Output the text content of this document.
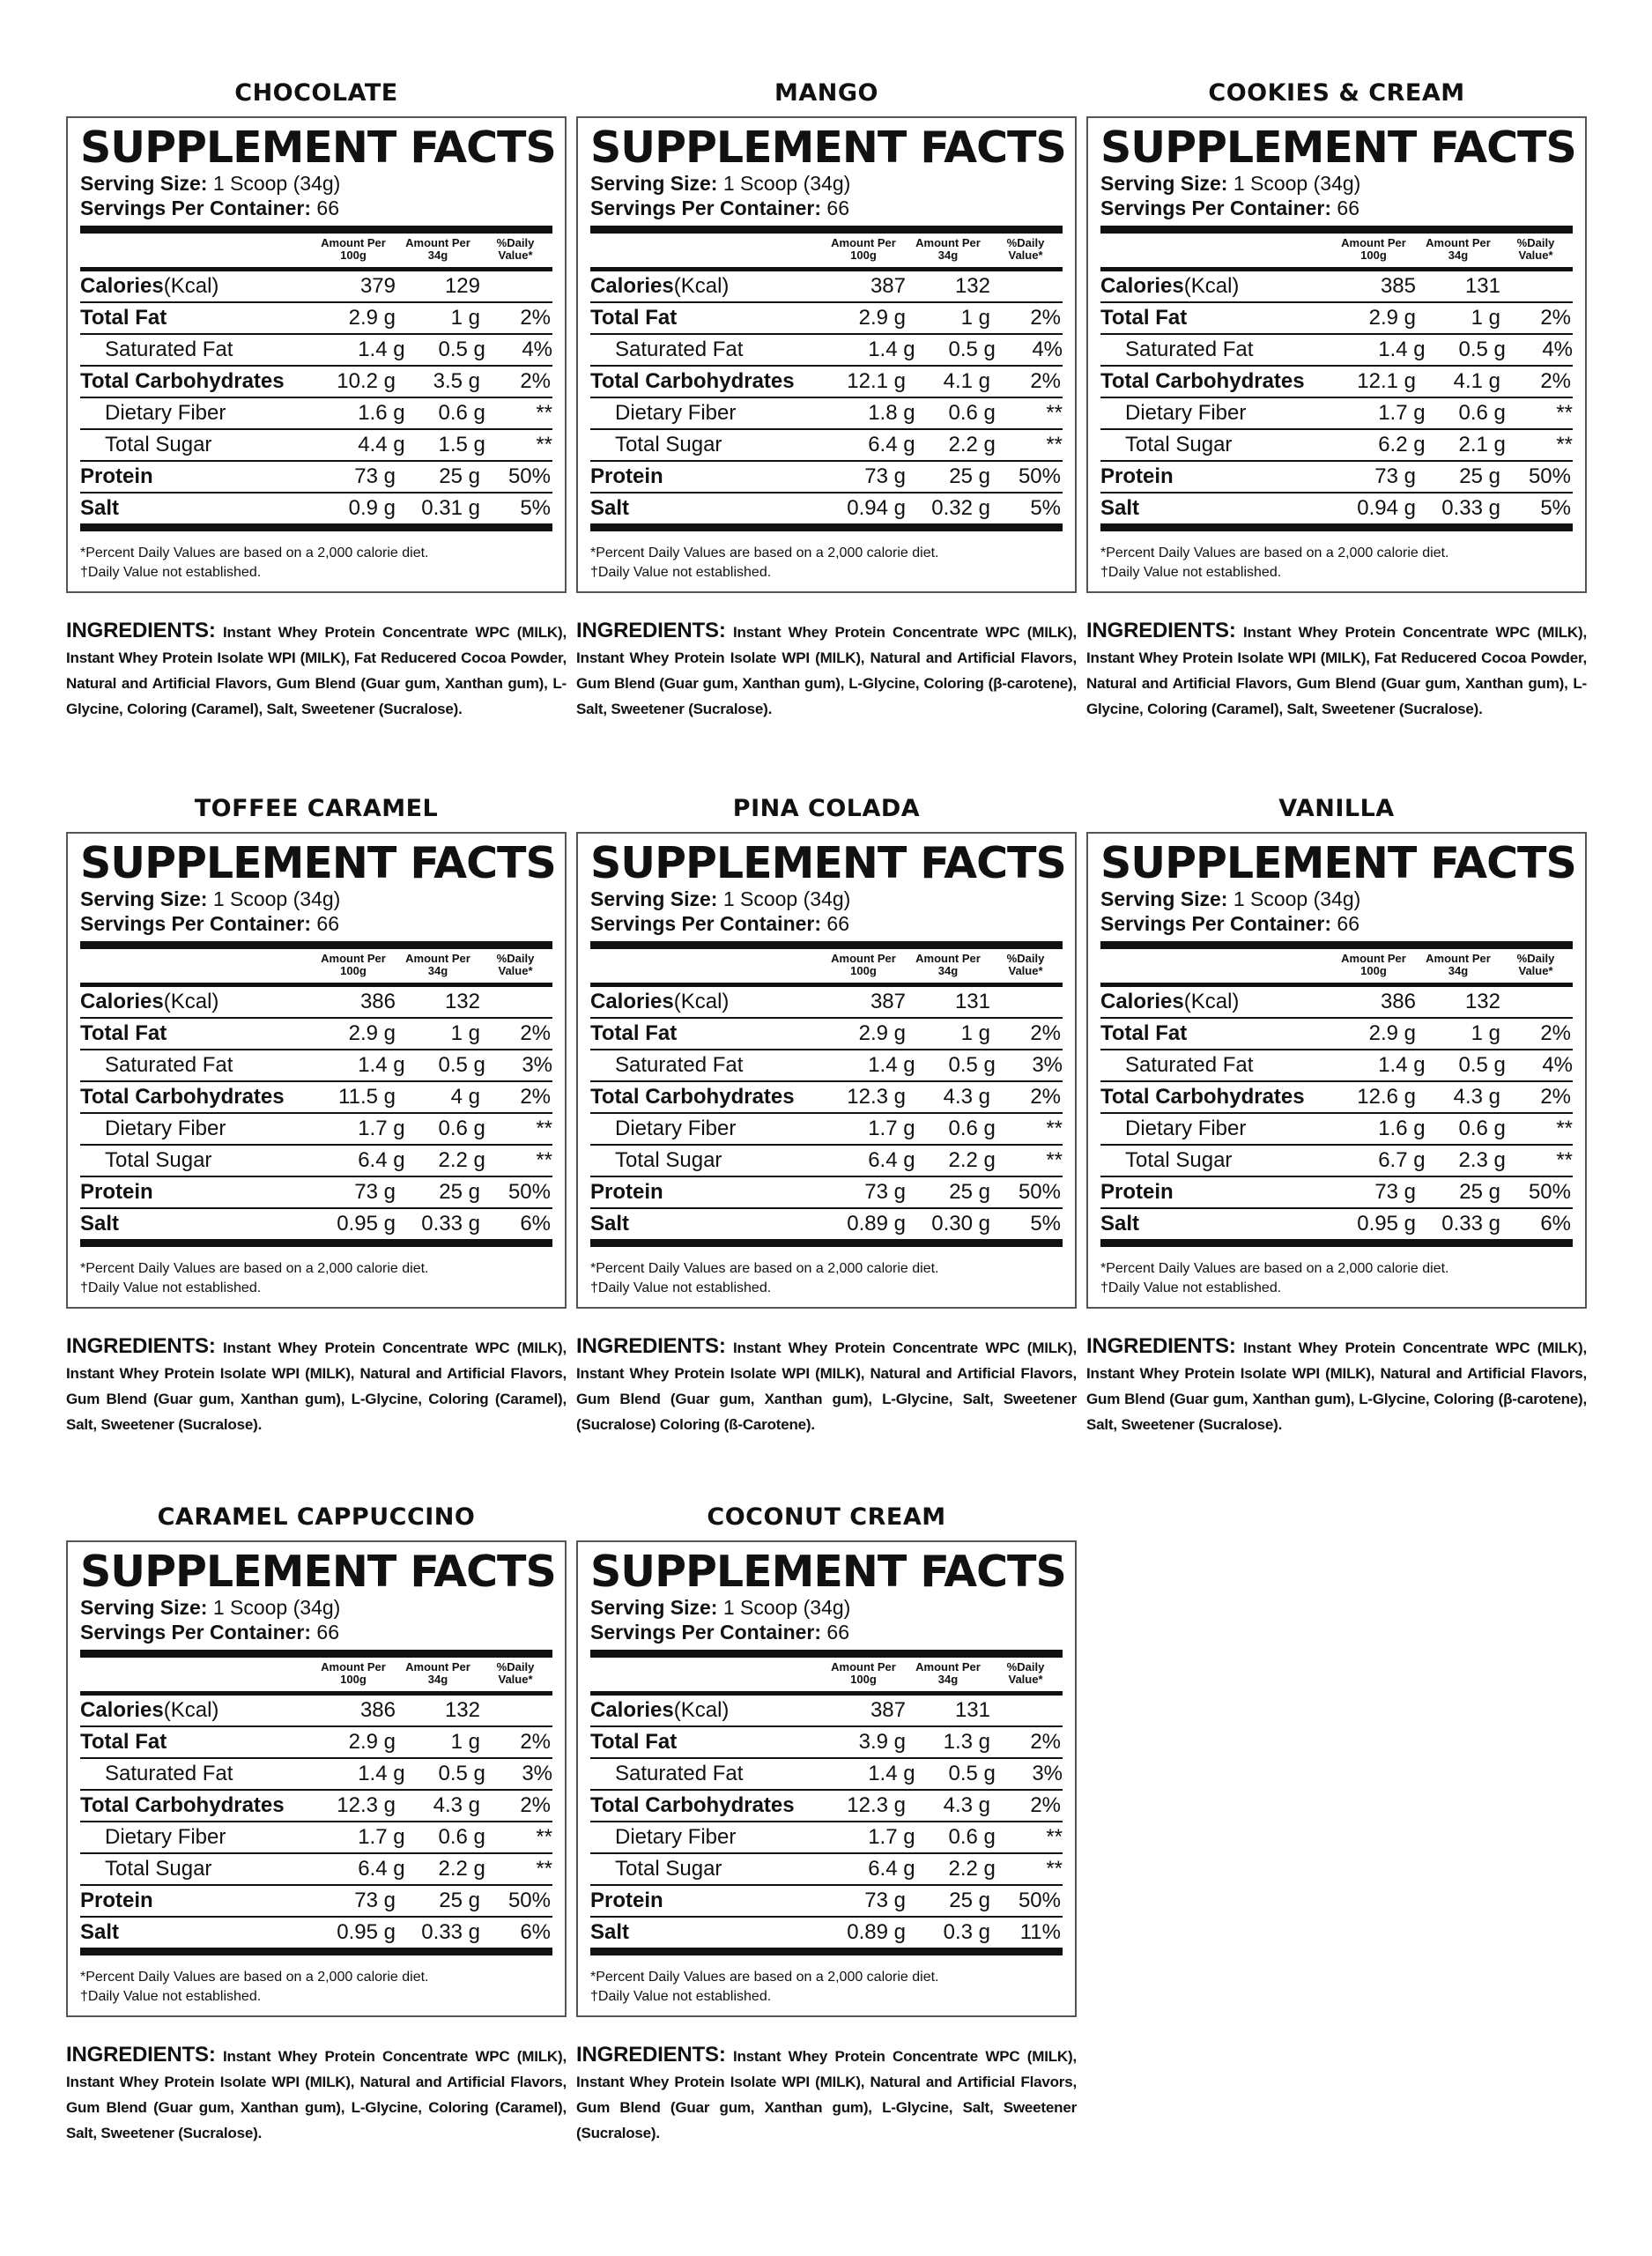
CHOCOLATE
SUPPLEMENT FACTS
Serving Size: 1 Scoop (34g)
Servings Per Container: 66
Amount Per 100g
Amount Per 34g
%Daily Value*
Calories(Kcal)	379	129
Total Fat	2.9 g	1 g	2%
Saturated Fat	1.4 g	0.5 g	4%
Total Carbohydrates	10.2 g	3.5 g	2%
Dietary Fiber	1.6 g	0.6 g	**
Total Sugar	4.4 g	1.5 g	**
Protein	73 g	25 g	50%
Salt	0.9 g	0.31 g	5%
*Percent Daily Values are based on a 2,000 calorie diet.
†Daily Value not established.
INGREDIENTS: Instant Whey Protein Concentrate WPC (MILK), Instant Whey Protein Isolate WPI (MILK), Fat Reducered Cocoa Powder, Natural and Artificial Flavors, Gum Blend (Guar gum, Xanthan gum), L-Glycine, Coloring (Caramel), Salt, Sweetener (Sucralose).
MANGO
SUPPLEMENT FACTS
Serving Size: 1 Scoop (34g)
Servings Per Container: 66
Amount Per 100g
Amount Per 34g
%Daily Value*
Calories(Kcal)	387	132
Total Fat	2.9 g	1 g	2%
Saturated Fat	1.4 g	0.5 g	4%
Total Carbohydrates	12.1 g	4.1 g	2%
Dietary Fiber	1.8 g	0.6 g	**
Total Sugar	6.4 g	2.2 g	**
Protein	73 g	25 g	50%
Salt	0.94 g	0.32 g	5%
*Percent Daily Values are based on a 2,000 calorie diet.
†Daily Value not established.
INGREDIENTS: Instant Whey Protein Concentrate WPC (MILK), Instant Whey Protein Isolate WPI (MILK), Natural and Artificial Flavors, Gum Blend (Guar gum, Xanthan gum), L-Glycine, Coloring (β-carotene), Salt, Sweetener (Sucralose).
COOKIES & CREAM
SUPPLEMENT FACTS
Serving Size: 1 Scoop (34g)
Servings Per Container: 66
Amount Per 100g
Amount Per 34g
%Daily Value*
Calories(Kcal)	385	131
Total Fat	2.9 g	1 g	2%
Saturated Fat	1.4 g	0.5 g	4%
Total Carbohydrates	12.1 g	4.1 g	2%
Dietary Fiber	1.7 g	0.6 g	**
Total Sugar	6.2 g	2.1 g	**
Protein	73 g	25 g	50%
Salt	0.94 g	0.33 g	5%
*Percent Daily Values are based on a 2,000 calorie diet.
†Daily Value not established.
INGREDIENTS: Instant Whey Protein Concentrate WPC (MILK), Instant Whey Protein Isolate WPI (MILK), Fat Reducered Cocoa Powder, Natural and Artificial Flavors, Gum Blend (Guar gum, Xanthan gum), L-Glycine, Coloring (Caramel), Salt, Sweetener (Sucralose).
TOFFEE CARAMEL
SUPPLEMENT FACTS
Serving Size: 1 Scoop (34g)
Servings Per Container: 66
Amount Per 100g
Amount Per 34g
%Daily Value*
Calories(Kcal)	386	132
Total Fat	2.9 g	1 g	2%
Saturated Fat	1.4 g	0.5 g	3%
Total Carbohydrates	11.5 g	4 g	2%
Dietary Fiber	1.7 g	0.6 g	**
Total Sugar	6.4 g	2.2 g	**
Protein	73 g	25 g	50%
Salt	0.95 g	0.33 g	6%
*Percent Daily Values are based on a 2,000 calorie diet.
†Daily Value not established.
INGREDIENTS: Instant Whey Protein Concentrate WPC (MILK), Instant Whey Protein Isolate WPI (MILK), Natural and Artificial Flavors, Gum Blend (Guar gum, Xanthan gum), L-Glycine, Coloring (Caramel), Salt, Sweetener (Sucralose).
PINA COLADA
SUPPLEMENT FACTS
Serving Size: 1 Scoop (34g)
Servings Per Container: 66
Amount Per 100g
Amount Per 34g
%Daily Value*
Calories(Kcal)	387	131
Total Fat	2.9 g	1 g	2%
Saturated Fat	1.4 g	0.5 g	3%
Total Carbohydrates	12.3 g	4.3 g	2%
Dietary Fiber	1.7 g	0.6 g	**
Total Sugar	6.4 g	2.2 g	**
Protein	73 g	25 g	50%
Salt	0.89 g	0.30 g	5%
*Percent Daily Values are based on a 2,000 calorie diet.
†Daily Value not established.
INGREDIENTS: Instant Whey Protein Concentrate WPC (MILK), Instant Whey Protein Isolate WPI (MILK), Natural and Artificial Flavors, Gum Blend (Guar gum, Xanthan gum), L-Glycine, Salt, Sweetener (Sucralose) Coloring (ß-Carotene).
VANILLA
SUPPLEMENT FACTS
Serving Size: 1 Scoop (34g)
Servings Per Container: 66
Amount Per 100g
Amount Per 34g
%Daily Value*
Calories(Kcal)	386	132
Total Fat	2.9 g	1 g	2%
Saturated Fat	1.4 g	0.5 g	4%
Total Carbohydrates	12.6 g	4.3 g	2%
Dietary Fiber	1.6 g	0.6 g	**
Total Sugar	6.7 g	2.3 g	**
Protein	73 g	25 g	50%
Salt	0.95 g	0.33 g	6%
*Percent Daily Values are based on a 2,000 calorie diet.
†Daily Value not established.
INGREDIENTS: Instant Whey Protein Concentrate WPC (MILK), Instant Whey Protein Isolate WPI (MILK), Natural and Artificial Flavors, Gum Blend (Guar gum, Xanthan gum), L-Glycine, Coloring (β-carotene), Salt, Sweetener (Sucralose).
CARAMEL CAPPUCCINO
SUPPLEMENT FACTS
Serving Size: 1 Scoop (34g)
Servings Per Container: 66
Amount Per 100g
Amount Per 34g
%Daily Value*
Calories(Kcal)	386	132
Total Fat	2.9 g	1 g	2%
Saturated Fat	1.4 g	0.5 g	3%
Total Carbohydrates	12.3 g	4.3 g	2%
Dietary Fiber	1.7 g	0.6 g	**
Total Sugar	6.4 g	2.2 g	**
Protein	73 g	25 g	50%
Salt	0.95 g	0.33 g	6%
*Percent Daily Values are based on a 2,000 calorie diet.
†Daily Value not established.
INGREDIENTS: Instant Whey Protein Concentrate WPC (MILK), Instant Whey Protein Isolate WPI (MILK), Natural and Artificial Flavors, Gum Blend (Guar gum, Xanthan gum), L-Glycine, Coloring (Caramel), Salt, Sweetener (Sucralose).
COCONUT CREAM
SUPPLEMENT FACTS
Serving Size: 1 Scoop (34g)
Servings Per Container: 66
Amount Per 100g
Amount Per 34g
%Daily Value*
Calories(Kcal)	387	131
Total Fat	3.9 g	1.3 g	2%
Saturated Fat	1.4 g	0.5 g	3%
Total Carbohydrates	12.3 g	4.3 g	2%
Dietary Fiber	1.7 g	0.6 g	**
Total Sugar	6.4 g	2.2 g	**
Protein	73 g	25 g	50%
Salt	0.89 g	0.3 g	11%
*Percent Daily Values are based on a 2,000 calorie diet.
†Daily Value not established.
INGREDIENTS: Instant Whey Protein Concentrate WPC (MILK), Instant Whey Protein Isolate WPI (MILK), Natural and Artificial Flavors, Gum Blend (Guar gum, Xanthan gum), L-Glycine, Salt, Sweetener (Sucralose).
